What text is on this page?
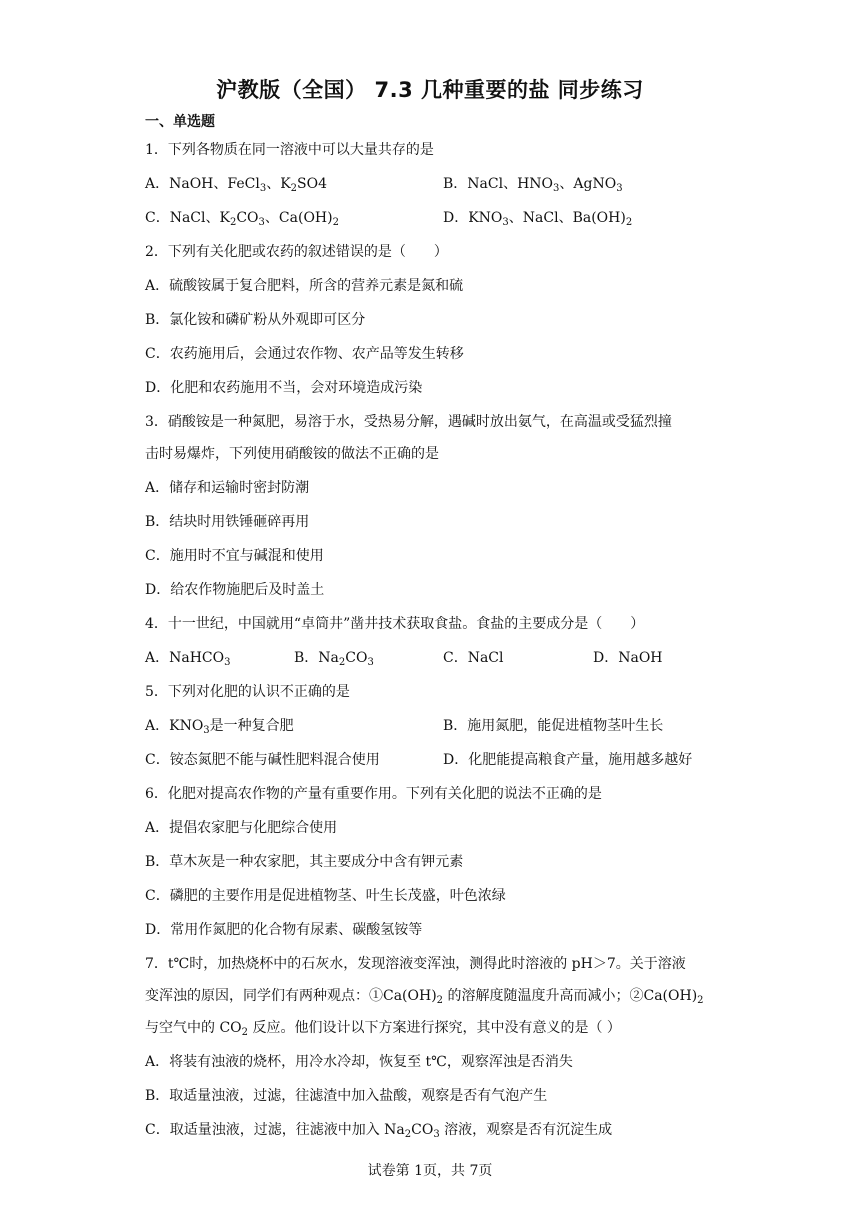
沪教版（全国） 7.3 几种重要的盐 同步练习
一、单选题
1．下列各物质在同一溶液中可以大量共存的是
A．NaOH、FeCl$_3$、$K_2SO4$	B．NaCl、$HNO_3$、AgNO$_3$
C．NaCl、$K_2CO_3$、$Ca(OH)_2$	D．$KNO_3$、NaCl、$Ba(OH)_2$
2．下列有关化肥或农药的叙述错误的是（　　）
A．硫酸铵属于复合肥料，所含的营养元素是氮和硫
B．氯化铵和磷矿粉从外观即可区分
C．农药施用后，会通过农作物、农产品等发生转移
D．化肥和农药施用不当，会对环境造成污染
3．硝酸铵是一种氮肥，易溶于水，受热易分解，遇碱时放出氨气，在高温或受猛烈撞
击时易爆炸，下列使用硝酸铵的做法不正确的是
A．储存和运输时密封防潮
B．结块时用铁锤砸碎再用
C．施用时不宜与碱混和使用
D．给农作物施肥后及时盖土
4．十一世纪，中国就用“卓筒井”凿井技术获取食盐。食盐的主要成分是（　　）
A．NaHCO$_3$	B．$Na_2CO_3$	C．NaCl	D．NaOH
5．下列对化肥的认识不正确的是
A．$KNO_3$是一种复合肥	B．施用氮肥，能促进植物茎叶生长
C．铵态氮肥不能与碱性肥料混合使用	D．化肥能提高粮食产量，施用越多越好
6．化肥对提高农作物的产量有重要作用。下列有关化肥的说法不正确的是
A．提倡农家肥与化肥综合使用
B．草木灰是一种农家肥，其主要成分中含有钾元素
C．磷肥的主要作用是促进植物茎、叶生长茂盛，叶色浓绿
D．常用作氮肥的化合物有尿素、碳酸氢铵等
7．t℃时，加热烧杯中的石灰水，发现溶液变浑浊，测得此时溶液的 pH＞7。关于溶液
变浑浊的原因，同学们有两种观点：$①Ca(OH)_2$ 的溶解度随温度升高而减小；$②Ca(OH)_2$
与空气中的 $CO_2$ 反应。他们设计以下方案进行探究，其中没有意义的是（ ）
A．将装有浊液的烧杯，用冷水冷却，恢复至 t℃，观察浑浊是否消失
B．取适量浊液，过滤，往滤渣中加入盐酸，观察是否有气泡产生
C．取适量浊液，过滤，往滤液中加入 $Na_2CO_3$ 溶液，观察是否有沉淀生成
试卷第 1页，共 7页
